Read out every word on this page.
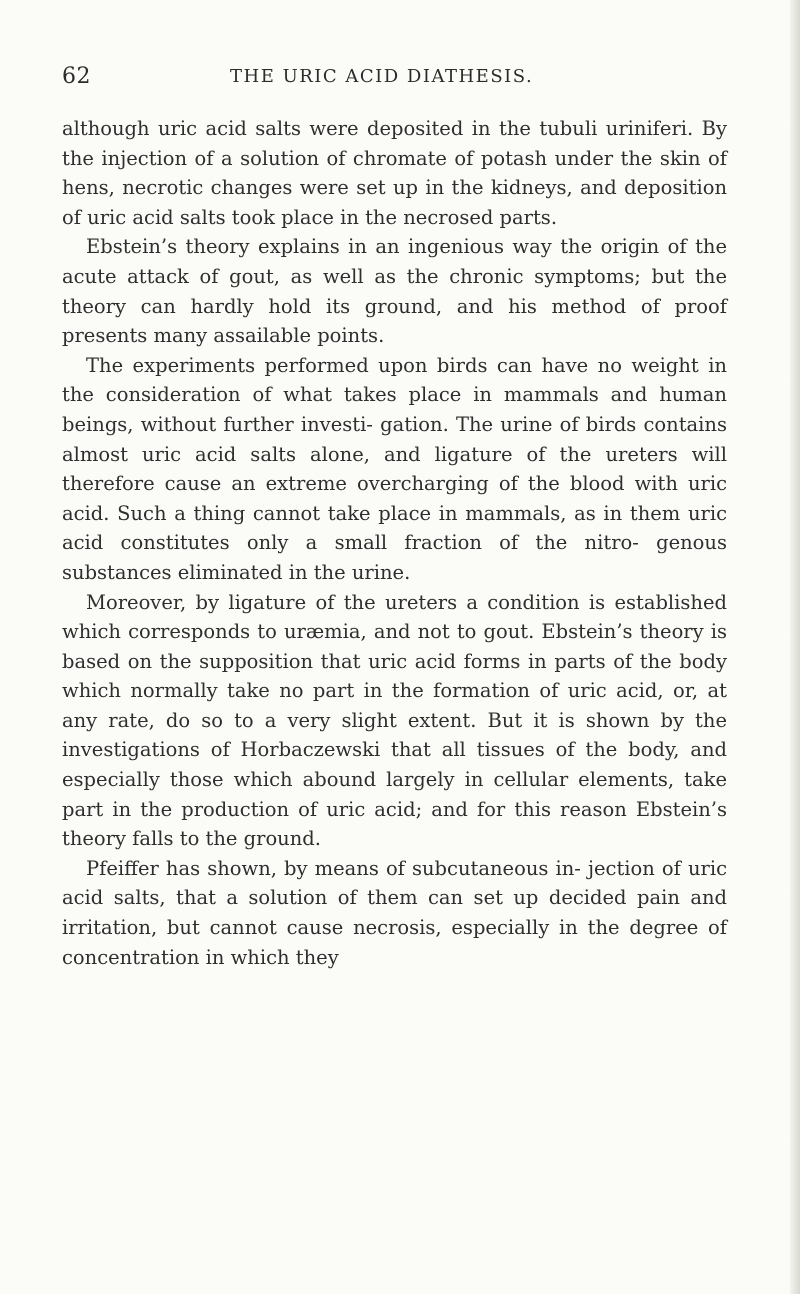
62	THE URIC ACID DIATHESIS.

although uric acid salts were deposited in the tubuli uriniferi. By the injection of a solution of chromate of potash under the skin of hens, necrotic changes were set up in the kidneys, and deposition of uric acid salts took place in the necrosed parts.

Ebstein’s theory explains in an ingenious way the origin of the acute attack of gout, as well as the chronic symptoms; but the theory can hardly hold its ground, and his method of proof presents many assailable points.

The experiments performed upon birds can have no weight in the consideration of what takes place in mammals and human beings, without further investi- gation. The urine of birds contains almost uric acid salts alone, and ligature of the ureters will therefore cause an extreme overcharging of the blood with uric acid. Such a thing cannot take place in mammals, as in them uric acid constitutes only a small fraction of the nitro- genous substances eliminated in the urine.

Moreover, by ligature of the ureters a condition is established which corresponds to uræmia, and not to gout. Ebstein’s theory is based on the supposition that uric acid forms in parts of the body which normally take no part in the formation of uric acid, or, at any rate, do so to a very slight extent. But it is shown by the investigations of Horbaczewski that all tissues of the body, and especially those which abound largely in cellular elements, take part in the production of uric acid; and for this reason Ebstein’s theory falls to the ground.

Pfeiffer has shown, by means of subcutaneous in- jection of uric acid salts, that a solution of them can set up decided pain and irritation, but cannot cause necrosis, especially in the degree of concentration in which they
